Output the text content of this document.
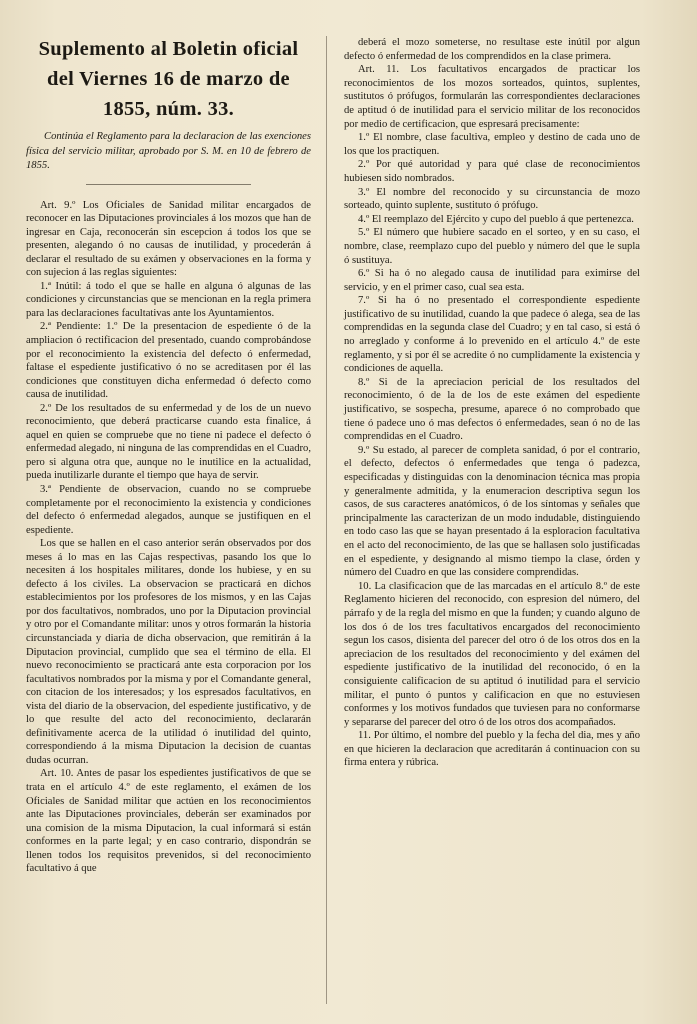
Suplemento al Boletin oficial
del Viernes 16 de marzo de
1855, núm. 33.
Continúa el Reglamento para la declaracion de las exenciones física del servicio militar, aprobado por S. M. en 10 de febrero de 1855.

Art. 9.º Los Oficiales de Sanidad militar encargados de reconocer en las Diputaciones provinciales á los mozos que han de ingresar en Caja, reconocerán sin escepcion á todos los que se presenten, alegando ó no causas de inutilidad, y procederán á declarar el resultado de su exámen y observaciones en la forma y con sujecion á las reglas siguientes:

1.ª Inútil: á todo el que se halle en alguna ó algunas de las condiciones y circunstancias que se mencionan en la regla primera para las declaraciones facultativas ante los Ayuntamientos.

2.ª Pendiente: 1.º De la presentacion de espediente ó de la ampliacion ó rectificacion del presentado, cuando comprobándose por el reconocimiento la existencia del defecto ó enfermedad, faltase el espediente justificativo ó no se acreditasen por él las condiciones que constituyen dicha enfermedad ó defecto como causa de inutilidad.

2.º De los resultados de su enfermedad y de los de un nuevo reconocimiento, que deberá practicarse cuando esta finalice, á aquel en quien se compruebe que no tiene ni padece el defecto ó enfermedad alegado, ni ninguna de las comprendidas en el Cuadro, pero si alguna otra que, aunque no le inutilice en la actualidad, pueda inutilizarle durante el tiempo que haya de servir.

3.ª Pendiente de observacion, cuando no se compruebe completamente por el reconocimiento la existencia y condiciones del defecto ó enfermedad alegados, aunque se justifiquen en el espediente.

Los que se hallen en el caso anterior serán observados por dos meses á lo mas en las Cajas respectivas, pasando los que lo necesiten á los hospitales militares, donde los hubiese, y en su defecto á los civiles. La observacion se practicará en dichos establecimientos por los profesores de los mismos, y en las Cajas por dos facultativos, nombrados, uno por la Diputacion provincial y otro por el Comandante militar: unos y otros formarán la historia circunstanciada y diaria de dicha observacion, que remitirán á la Diputacion provincial, cumplido que sea el término de ella. El nuevo reconocimiento se practicará ante esta corporacion por los facultativos nombrados por la misma y por el Comandante general, con citacion de los interesados; y los espresados facultativos, en vista del diario de la observacion, del espediente justificativo, y de lo que resulte del acto del reconocimiento, declararán definitivamente acerca de la utilidad ó inutilidad del quinto, correspondiendo á la misma Diputacion la decision de cuantas dudas ocurran.

Art. 10. Antes de pasar los espedientes justificativos de que se trata en el artículo 4.º de este reglamento, el exámen de los Oficiales de Sanidad militar que actúen en los reconocimientos ante las Diputaciones provinciales, deberán ser examinados por una comision de la misma Diputacion, la cual informará si están conformes en la parte legal; y en caso contrario, dispondrán se llenen todos los requisitos prevenidos, si del reconocimiento facultativo á que

deberá el mozo someterse, no resultase este inútil por algun defecto ó enfermedad de los comprendidos en la clase primera.

Art. 11. Los facultativos encargados de practicar los reconocimientos de los mozos sorteados, quintos, suplentes, sustitutos ó prófugos, formularán las correspondientes declaraciones de aptitud ó de inutilidad para el servicio militar de los reconocidos por medio de certificacion, que espresará precisamente:

1.º El nombre, clase facultiva, empleo y destino de cada uno de los que los practiquen.

2.º Por qué autoridad y para qué clase de reconocimientos hubiesen sido nombrados.

3.º El nombre del reconocido y su circunstancia de mozo sorteado, quinto suplente, sustituto ó prófugo.

4.º El reemplazo del Ejército y cupo del pueblo á que pertenezca.

5.º El número que hubiere sacado en el sorteo, y en su caso, el nombre, clase, reemplazo cupo del pueblo y número del que le supla ó sustituya.

6.º Si ha ó no alegado causa de inutilidad para eximirse del servicio, y en el primer caso, cual sea esta.

7.º Si ha ó no presentado el correspondiente espediente justificativo de su inutilidad, cuando la que padece ó alega, sea de las comprendidas en la segunda clase del Cuadro; y en tal caso, si está ó no arreglado y conforme á lo prevenido en el artículo 4.º de este reglamento, y si por él se acredite ó no cumplidamente la existencia y condiciones de aquella.

8.º Si de la apreciacion pericial de los resultados del reconocimiento, ó de la de los de este exámen del espediente justificativo, se sospecha, presume, aparece ó no comprobado que tiene ó padece uno ó mas defectos ó enfermedades, sean ó no de las comprendidas en el Cuadro.

9.º Su estado, al parecer de completa sanidad, ó por el contrario, el defecto, defectos ó enfermedades que tenga ó padezca, especificadas y distinguidas con la denominacion técnica mas propia y generalmente admitida, y la enumeracion descriptiva segun los casos, de sus caracteres anatómicos, ó de los síntomas y señales que principalmente las caracterizan de un modo indudable, distinguiendo en todo caso las que se hayan presentado á la esploracion facultativa en el acto del reconocimiento, de las que se hallasen solo justificadas en el espediente, y designando al mismo tiempo la clase, órden y número del Cuadro en que las considere comprendidas.

10. La clasificacion que de las marcadas en el artículo 8.º de este Reglamento hicieren del reconocido, con espresion del número, del párrafo y de la regla del mismo en que la funden; y cuando alguno de los dos ó de los tres facultativos encargados del reconocimiento segun los casos, disienta del parecer del otro ó de los otros dos en la apreciacion de los resultados del reconocimiento y del exámen del espediente justificativo de la inutilidad del reconocido, ó en la consiguiente calificacion de su aptitud ó inutilidad para el servicio militar, el punto ó puntos y calificacion en que no estuviesen conformes y los motivos fundados que tuviesen para no conformarse y separarse del parecer del otro ó de los otros dos acompañados.

11. Por último, el nombre del pueblo y la fecha del dia, mes y año en que hicieren la declaracion que acreditarán á continuacion con su firma entera y rúbrica.
